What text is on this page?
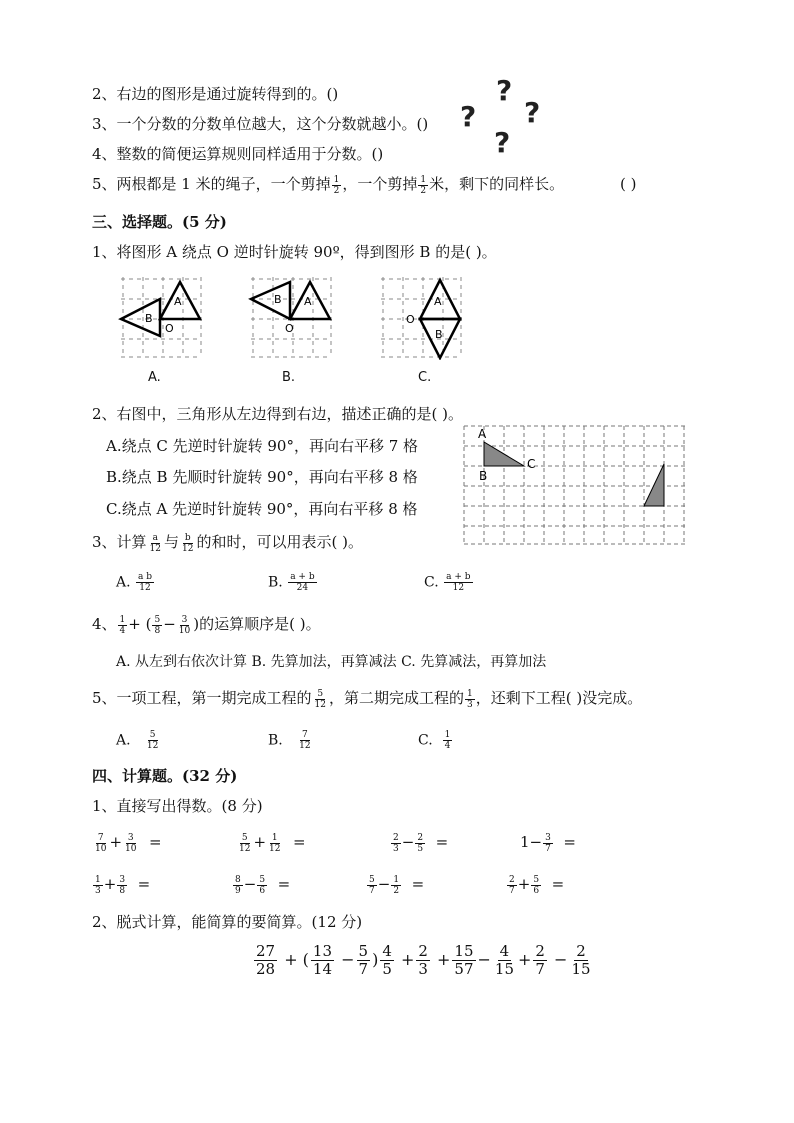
2、右边的图形是通过旋转得到的。()
3、一个分数的分数单位越大，这个分数就越小。()
4、整数的简便运算规则同样适用于分数。()
5、两根都是 1 米的绳子，一个剪掉 $\frac{1}{2}$ ，一个剪掉 $\frac{1}{2}$ 米，剩下的同样长。	( )
?
? ?
?
三、选择题。(5 分)
1、将图形 A 绕点 O 逆时针旋转 90º，得到图形 B 的是( )。
A
B
O
A.
A
B
O
B.
A
B
O
C.
2、右图中，三角形从左边得到右边，描述正确的是( )。
A.绕点 C 先逆时针旋转 90°，再向右平移 7 格
B.绕点 B 先顺时针旋转 90°，再向右平移 8 格
C.绕点 A 先逆时针旋转 90°，再向右平移 8 格
A
B
C
3、计算 $\frac{a}{12}$ 与 $\frac{b}{12}$ 的和时，可以用表示( )。
A. $\frac{\text{a b}}{12}$	B. $\frac{a + b}{24}$	C. $\frac{a + b}{12}$
4、 $\frac{1}{4}$ + ( $\frac{5}{8} - \frac{3}{10}$ )的运算顺序是( )。
A. 从左到右依次计算 B. 先算加法，再算减法 C. 先算减法，再算加法
5、一项工程，第一期完成工程的 $\frac{5}{12}$ ，第二期完成工程的 $\frac{1}{3}$ ，还剩下工程( )没完成。
A. $\frac{5}{12}$	B. $\frac{7}{12}$	C. $\frac{1}{4}$
四、计算题。(32 分)
1、直接写出得数。(8 分)
$\frac{7}{10} + \frac{3}{10}$ =	$\frac{5}{12} + \frac{1}{12}$ =	$\frac{2}{3} - \frac{2}{5}$ =	$1- \frac{3}{7}$ =
$\frac{1}{3} + \frac{3}{8}$ =	$\frac{8}{9} - \frac{5}{6}$ =	$\frac{5}{7} - \frac{1}{2}$ =	$\frac{2}{7} + \frac{5}{6}$ =
2、脱式计算，能简算的要简算。(12 分)
$\frac{27}{28}$ + ( $\frac{13}{14} - \frac{5}{7}$ ) $\frac{4}{5} + \frac{2}{3} + \frac{15}{57} - \frac{4}{15} + \frac{2}{7} - \frac{2}{15}$
